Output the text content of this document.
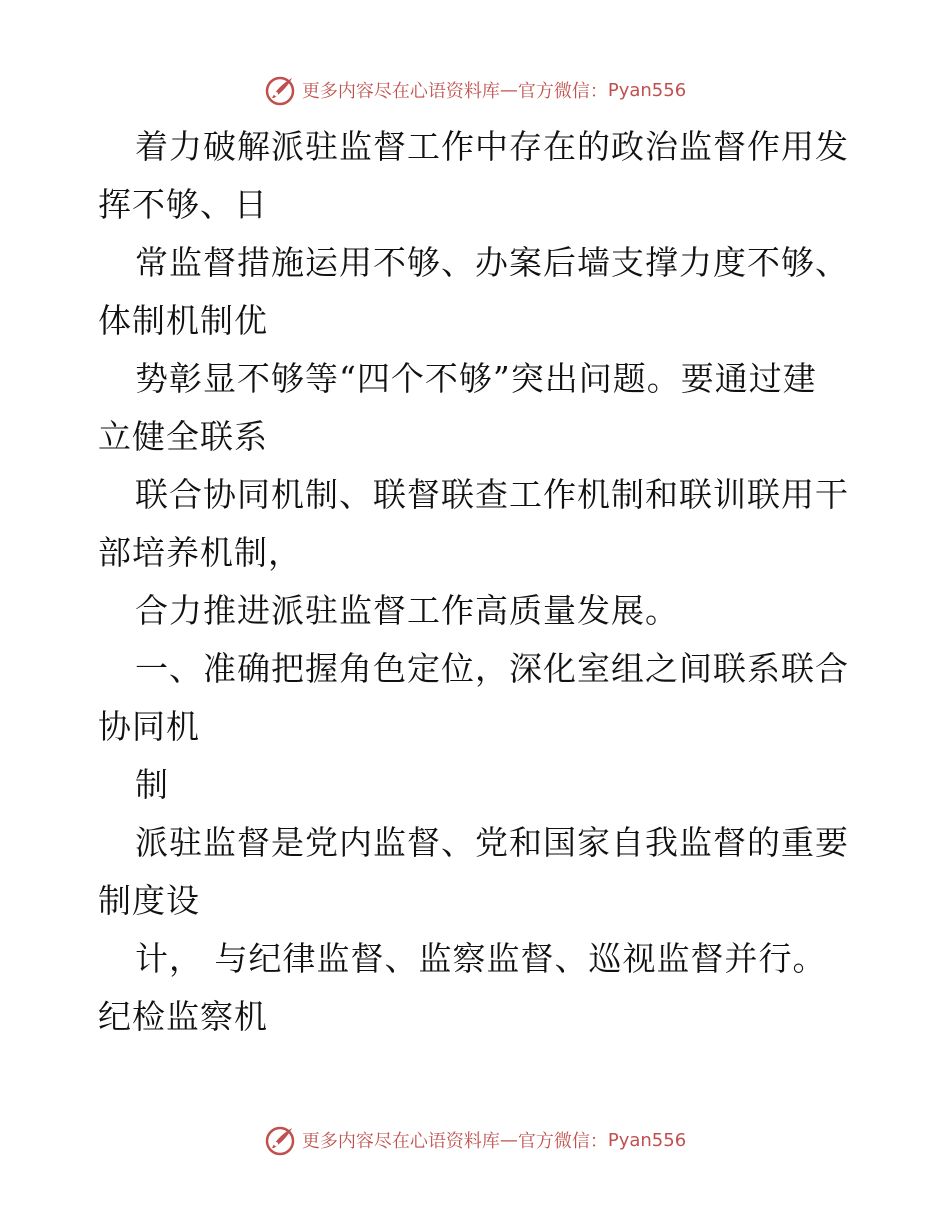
更多内容尽在心语资料库 — 官方微信： Pyan556
着力破解派驻监督工作中存在的政治监督作用发
挥不够、日
常监督措施运用不够、办案后墙支撑力度不够、
体制机制优
势彰显不够等“四个不够”突出问题。要通过建
立健全联系
联合协同机制、联督联查工作机制和联训联用干
部培养机制，
合力推进派驻监督工作高质量发展。
一、准确把握角色定位，深化室组之间联系联合
协同机
制
派驻监督是党内监督、党和国家自我监督的重要
制度设
计， 与纪律监督、监察监督、巡视监督并行。
纪检监察机
更多内容尽在心语资料库 — 官方微信： Pyan556
